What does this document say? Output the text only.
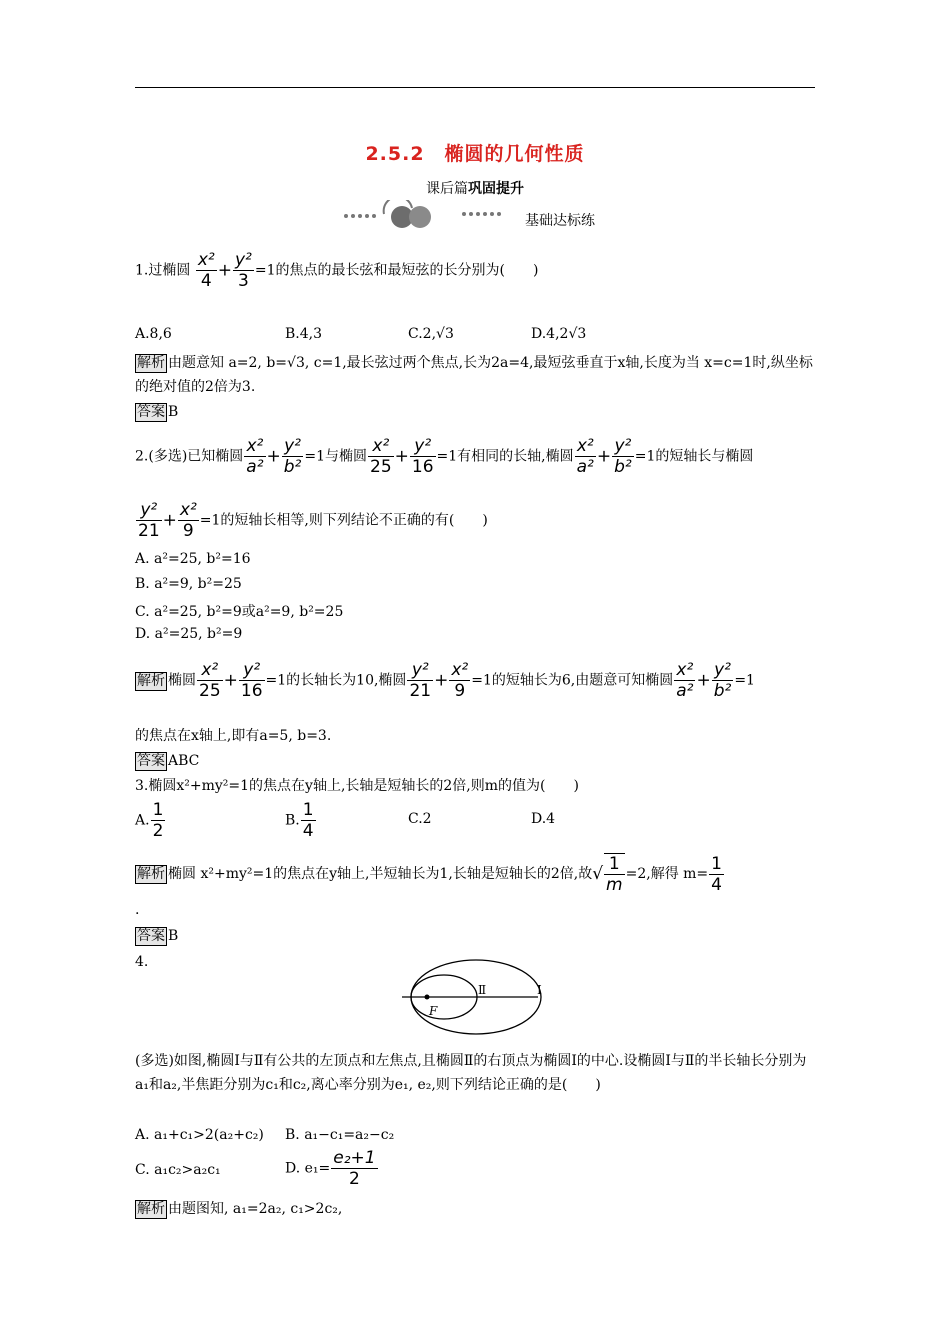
2.5.2　椭圆的几何性质
课后篇巩固提升
基础达标练
1.过椭圆 $\frac{\text{x²}}{4} + \frac{\text{y²}}{3} =1$的焦点的最长弦和最短弦的长分别为(　　)
A.8,6	B.4,3	C.2,√3	D.4,2√3
解析 由题意知 a=2, b=√3, c=1,最长弦过两个焦点,长为2a=4,最短弦垂直于x轴,长度为当 x=c=1时,纵坐标的绝对值的2倍为3.
答案 B
2.(多选)已知椭圆 $\frac{\text{x²}}{\text{a²}} + \frac{\text{y²}}{\text{b²}} =1$与椭圆 $\frac{\text{x²}}{25} + \frac{\text{y²}}{16} =1$有相同的长轴,椭圆 $\frac{\text{x²}}{\text{a²}} + \frac{\text{y²}}{\text{b²}} =1$的短轴长与椭圆
$\frac{\text{y²}}{21} + \frac{\text{x²}}{9} =1$的短轴长相等,则下列结论不正确的有(　　)
A. a²=25, b²=16
B. a²=9, b²=25
C. a²=25, b²=9或a²=9, b²=25
D. a²=25, b²=9
解析 椭圆 $\frac{\text{x²}}{25} + \frac{\text{y²}}{16} =1$的长轴长为10,椭圆 $\frac{\text{y²}}{21} + \frac{\text{x²}}{9} =1$的短轴长为6,由题意可知椭圆 $\frac{\text{x²}}{\text{a²}} + \frac{\text{y²}}{\text{b²}} =1$
的焦点在x轴上,即有a=5, b=3.
答案 ABC
3.椭圆x²+my²=1的焦点在y轴上,长轴是短轴长的2倍,则m的值为(　　)
A. $\frac{1}{2}$	B. $\frac{1}{4}$	C.2	D.4
解析 椭圆 x²+my²=1的焦点在y轴上,半短轴长为1,长轴是短轴长的2倍,故√ $\frac{1}{m} =2$,解得 $m= \frac{1}{4}$
.
答案 B
4.
F
Ⅱ	Ⅰ
(多选)如图,椭圆Ⅰ与Ⅱ有公共的左顶点和左焦点,且椭圆Ⅱ的右顶点为椭圆Ⅰ的中心.设椭圆Ⅰ与Ⅱ的半长轴长分别为a₁和a₂,半焦距分别为c₁和c₂,离心率分别为e₁, e₂,则下列结论正确的是(　　)
A. a₁+c₁>2(a₂+c₂) B. a₁−c₁=a₂−c₂
C. a₁c₂>a₂c₁	D. $e_1= \frac{\text{e₂+1}}{2}$
解析 由题图知, a₁=2a₂, c₁>2c₂,
